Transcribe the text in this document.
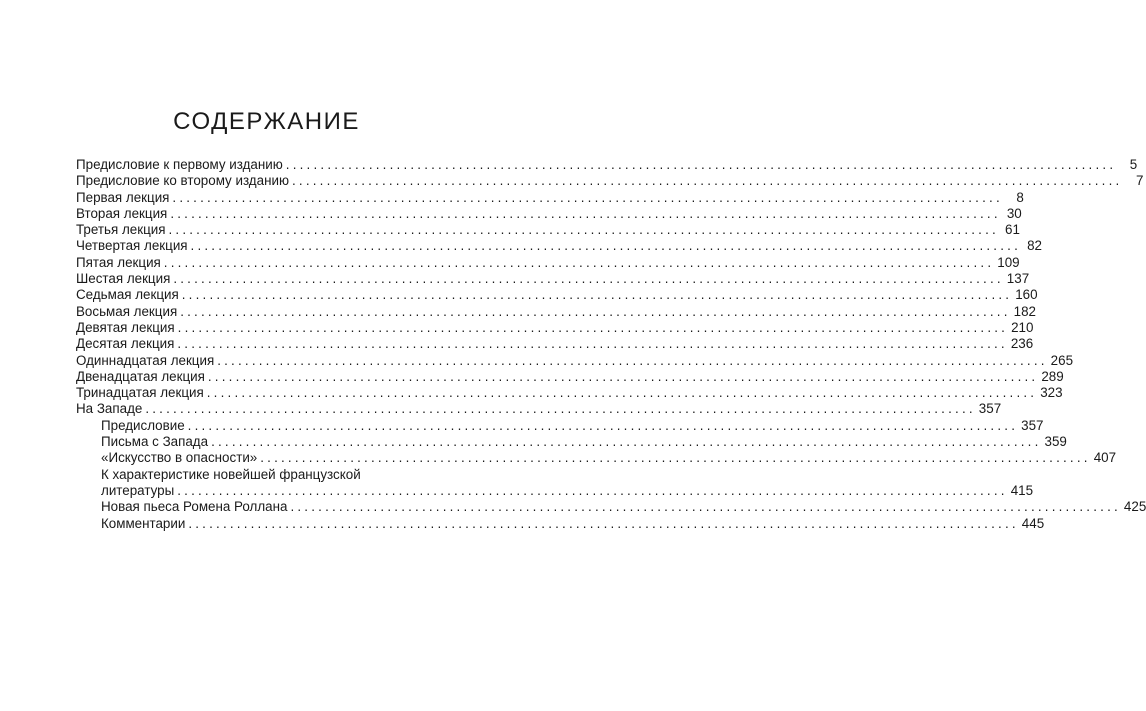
СОДЕРЖАНИЕ
Предисловие к первому изданию ........................................................................................................................	5
Предисловие ко второму изданию ........................................................................................................................	7
Первая лекция ........................................................................................................................	8
Вторая лекция ........................................................................................................................ 30
Третья лекция ........................................................................................................................ 61
Четвертая лекция ........................................................................................................................ 82
Пятая лекция ........................................................................................................................ 109
Шестая лекция ........................................................................................................................ 137
Седьмая лекция ........................................................................................................................ 160
Восьмая лекция ........................................................................................................................ 182
Девятая лекция ........................................................................................................................ 210
Десятая лекция ........................................................................................................................ 236
Одиннадцатая лекция ........................................................................................................................ 265
Двенадцатая лекция ........................................................................................................................ 289
Тринадцатая лекция ........................................................................................................................ 323
На Западе ........................................................................................................................ 357
Предисловие ........................................................................................................................ 357
Письма с Запада ........................................................................................................................ 359
«Искусство в опасности» ........................................................................................................................ 407
К характеристике новейшей французской
литературы ........................................................................................................................ 415
Новая пьеса Ромена Роллана ........................................................................................................................ 425
Комментарии ........................................................................................................................ 445
